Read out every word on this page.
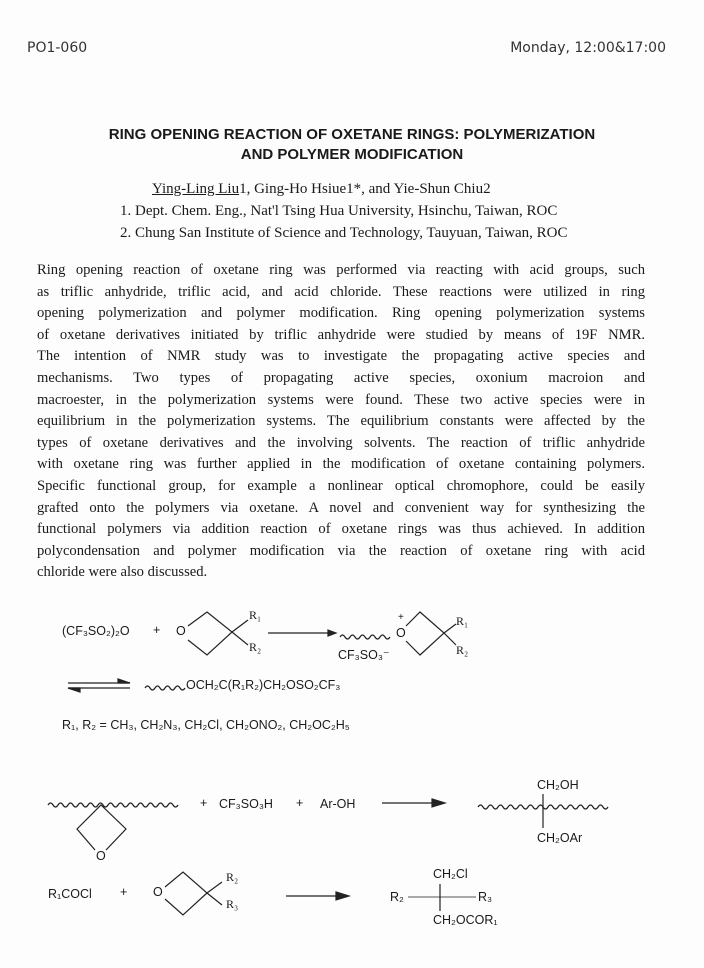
PO1-060	Monday, 12:00&17:00
RING OPENING REACTION OF OXETANE RINGS: POLYMERIZATION
AND POLYMER MODIFICATION
Ying-Ling Liu1, Ging-Ho Hsiue1*, and Yie-Shun Chiu2
1. Dept. Chem. Eng., Nat'l Tsing Hua University, Hsinchu, Taiwan, ROC
2. Chung San Institute of Science and Technology, Tauyuan, Taiwan, ROC
Ring opening reaction of oxetane ring was performed via reacting with acid groups, such
as triflic anhydride, triflic acid, and acid chloride. These reactions were utilized in ring
opening polymerization and polymer modification. Ring opening polymerization systems
of oxetane derivatives initiated by triflic anhydride were studied by means of 19F NMR.
The intention of NMR study was to investigate the propagating active species and
mechanisms. Two types of propagating active species, oxonium macroion and
macroester, in the polymerization systems were found. These two active species were in
equilibrium in the polymerization systems. The equilibrium constants were affected by the
types of oxetane derivatives and the involving solvents. The reaction of triflic anhydride
with oxetane ring was further applied in the modification of oxetane containing polymers.
Specific functional group, for example a nonlinear optical chromophore, could be easily
grafted onto the polymers via oxetane. A novel and convenient way for synthesizing the
functional polymers via addition reaction of oxetane rings was thus achieved. In addition
polycondensation and polymer modification via the reaction of oxetane ring with acid
chloride were also discussed.
(CF₃SO₂)₂O + O
R₁
R₂
O
+
CF₃SO₃⁻
R₁
R₂
OCH₂C(R₁R₂)CH₂OSO₂CF₃
R₁, R₂ = CH₃, CH₂N₃, CH₂Cl, CH₂ONO₂, CH₂OC₂H₅
+ CF₃SO₃H + Ar-OH
O
CH₂OH
CH₂OAr
R₁COCl + O
R₂
R₃
CH₂Cl
R₂	R₃
CH₂OCOR₁
